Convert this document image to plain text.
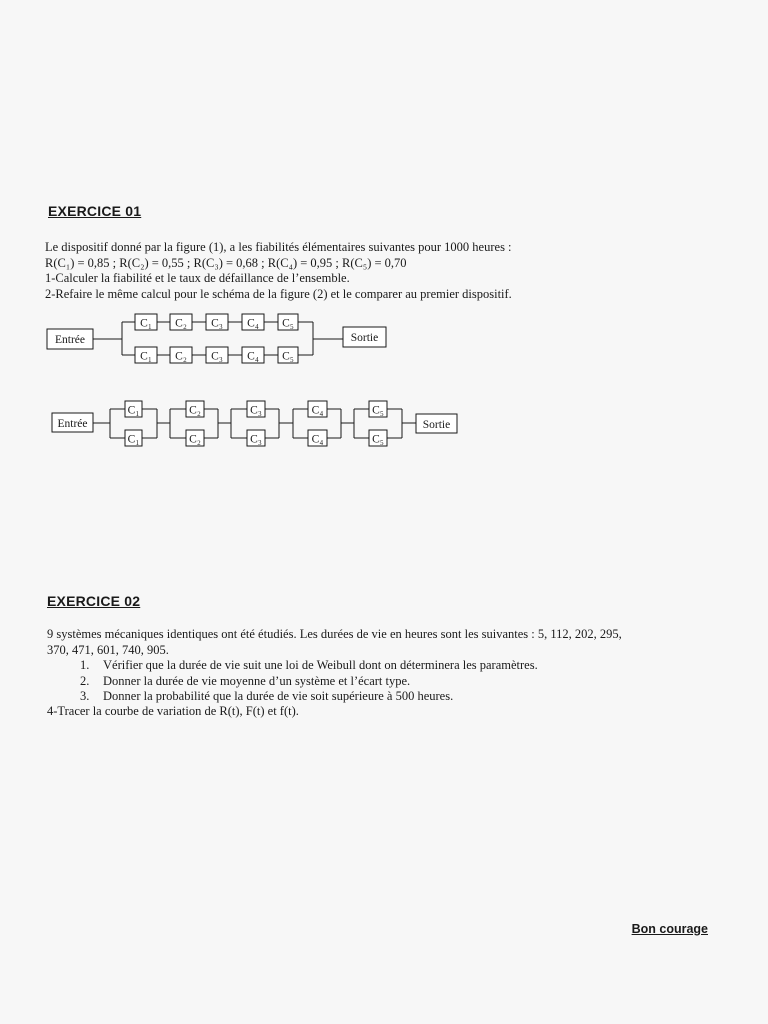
EXERCICE 01
Le dispositif donné par la figure (1), a les fiabilités élémentaires suivantes pour 1000 heures :
R(C₁) = 0,85 ; R(C₂) = 0,55 ; R(C₃) = 0,68 ; R(C₄) = 0,95 ; R(C₅) = 0,70
1-Calculer la fiabilité et le taux de défaillance de l’ensemble.
2-Refaire le même calcul pour le schéma de la figure (2) et le comparer au premier dispositif.
Entrée	Sortie
C₁ C₂ C₃ C₄ C₅
C₁ C₂ C₃ C₄ C₅
Entrée	Sortie
C₁
C₁
C₂
C₂
C₃
C₃
C₄
C₄
C₅
C₅
EXERCICE 02
9 systèmes mécaniques identiques ont été étudiés. Les durées de vie en heures sont les suivantes : 5, 112, 202, 295,
370, 471, 601, 740, 905.
1. Vérifier que la durée de vie suit une loi de Weibull dont on déterminera les paramètres.
2. Donner la durée de vie moyenne d’un système et l’écart type.
3. Donner la probabilité que la durée de vie soit supérieure à 500 heures.
4-Tracer la courbe de variation de R(t), F(t) et f(t).
Bon courage
